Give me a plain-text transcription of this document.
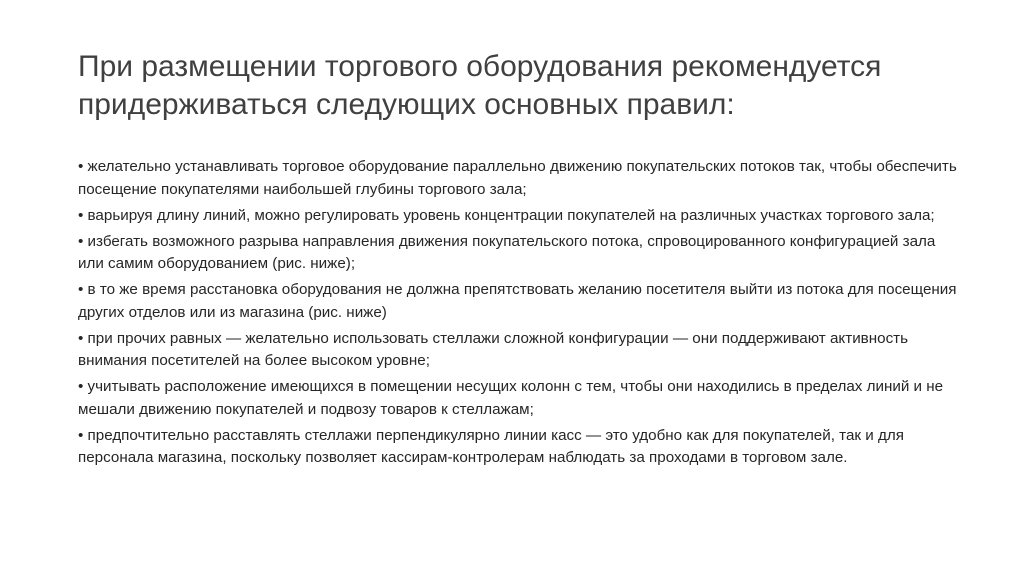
При размещении торгового оборудования рекомендуется придерживаться следующих основных правил:

• желательно устанавливать торговое оборудование параллельно движению покупательских потоков так, чтобы обеспечить посещение покупателями наибольшей глубины торгового зала;

• варьируя длину линий, можно регулировать уровень концентрации покупателей на различных участках торгового зала;

• избегать возможного разрыва направления движения покупательского потока, спровоцированного конфигурацией зала или самим оборудованием (рис. ниже);

• в то же время расстановка оборудования не должна препятствовать желанию посетителя выйти из потока для посещения других отделов или из магазина (рис. ниже)

• при прочих равных — желательно использовать стеллажи сложной конфигурации — они поддерживают активность внимания посетителей на более высоком уровне;

• учитывать расположение имеющихся в помещении несущих колонн с тем, чтобы они находились в пределах линий и не мешали движению покупателей и подвозу товаров к стеллажам;

• предпочтительно расставлять стеллажи перпендикулярно линии касс — это удобно как для покупателей, так и для персонала магазина, поскольку позволяет кассирам-контролерам наблюдать за проходами в торговом зале.
